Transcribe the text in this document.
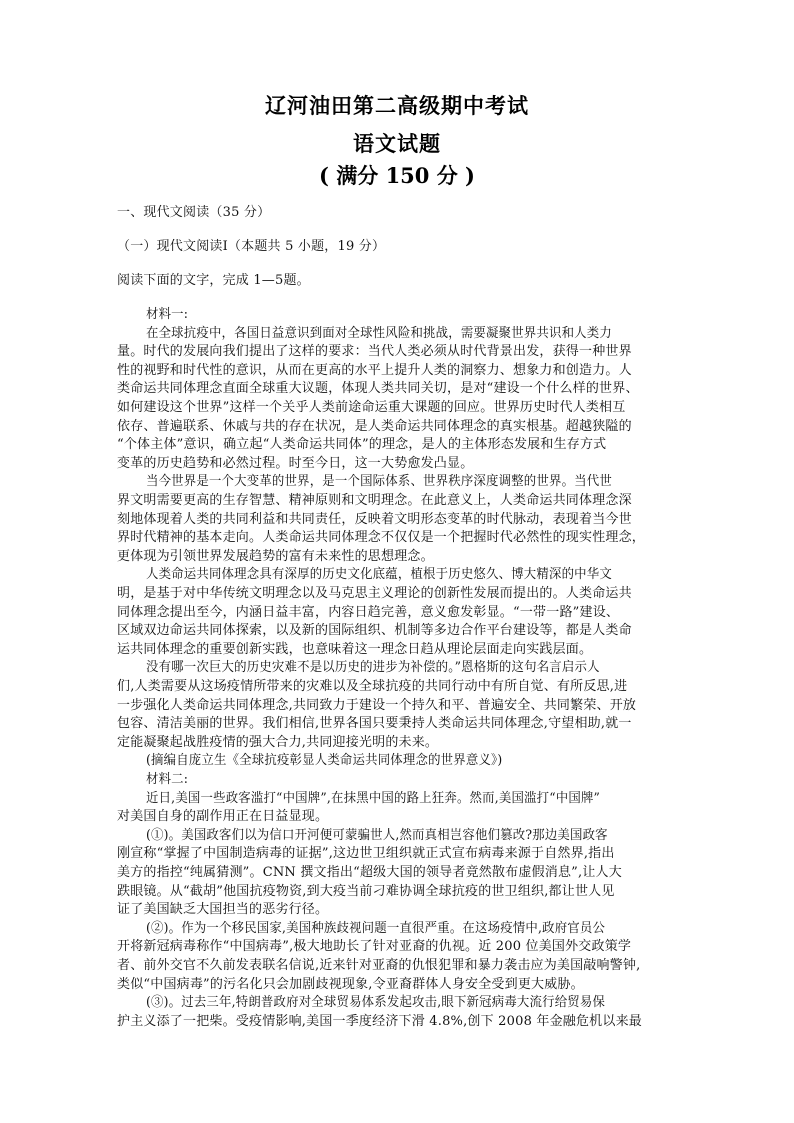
辽河油田第二高级期中考试
语文试题
( 满分 150 分 )
一、现代文阅读（35 分）
（一）现代文阅读Ⅰ（本题共 5 小题，19 分）
阅读下面的文字，完成 1—5题。
材料一:
在全球抗疫中，各国日益意识到面对全球性风险和挑战，需要凝聚世界共识和人类力
量。时代的发展向我们提出了这样的要求：当代人类必须从时代背景出发，获得一种世界
性的视野和时代性的意识，从而在更高的水平上提升人类的洞察力、想象力和创造力。人
类命运共同体理念直面全球重大议题，体现人类共同关切，是对“建设一个什么样的世界、
如何建设这个世界”这样一个关乎人类前途命运重大课题的回应。世界历史时代人类相互
依存、普遍联系、休戚与共的存在状况，是人类命运共同体理念的真实根基。超越狭隘的
“个体主体”意识，确立起“人类命运共同体”的理念，是人的主体形态发展和生存方式
变革的历史趋势和必然过程。时至今日，这一大势愈发凸显。
当今世界是一个大变革的世界，是一个国际体系、世界秩序深度调整的世界。当代世
界文明需要更高的生存智慧、精神原则和文明理念。在此意义上，人类命运共同体理念深
刻地体现着人类的共同利益和共同责任，反映着文明形态变革的时代脉动，表现着当今世
界时代精神的基本走向。人类命运共同体理念不仅仅是一个把握时代必然性的现实性理念，
更体现为引领世界发展趋势的富有未来性的思想理念。
人类命运共同体理念具有深厚的历史文化底蕴，植根于历史悠久、博大精深的中华文
明，是基于对中华传统文明理念以及马克思主义理论的创新性发展而提出的。人类命运共
同体理念提出至今，内涵日益丰富，内容日趋完善，意义愈发彰显。“一带一路”建设、
区域双边命运共同体探索，以及新的国际组织、机制等多边合作平台建设等，都是人类命
运共同体理念的重要创新实践，也意味着这一理念日趋从理论层面走向实践层面。
没有哪一次巨大的历史灾难不是以历史的进步为补偿的。”恩格斯的这句名言启示人
们,人类需要从这场疫情所带来的灾难以及全球抗疫的共同行动中有所自觉、有所反思,进
一步强化人类命运共同体理念,共同致力于建设一个持久和平、普遍安全、共同繁荣、开放
包容、清洁美丽的世界。我们相信,世界各国只要秉持人类命运共同体理念,守望相助,就一
定能凝聚起战胜疫情的强大合力,共同迎接光明的未来。
(摘编自庞立生《全球抗疫彰显人类命运共同体理念的世界意义》)
材料二:
近日,美国一些政客滥打“中国牌”,在抹黑中国的路上狂奔。然而,美国滥打“中国牌”
对美国自身的副作用正在日益显现。
(①)。美国政客们以为信口开河便可蒙骗世人,然而真相岂容他们篡改?那边美国政客
刚宣称“掌握了中国制造病毒的证据”,这边世卫组织就正式宣布病毒来源于自然界,指出
美方的指控“纯属猜测”。CNN 撰文指出“超级大国的领导者竟然散布虚假消息”,让人大
跌眼镜。从“截胡”他国抗疫物资,到大疫当前刁难协调全球抗疫的世卫组织,都让世人见
证了美国缺乏大国担当的恶劣行径。
(②)。作为一个移民国家,美国种族歧视问题一直很严重。在这场疫情中,政府官员公
开将新冠病毒称作“中国病毒”,极大地助长了针对亚裔的仇视。近 200 位美国外交政策学
者、前外交官不久前发表联名信说,近来针对亚裔的仇恨犯罪和暴力袭击应为美国敲响警钟,
类似“中国病毒”的污名化只会加剧歧视现象,令亚裔群体人身安全受到更大威胁。
(③)。过去三年,特朗普政府对全球贸易体系发起攻击,眼下新冠病毒大流行给贸易保
护主义添了一把柴。受疫情影响,美国一季度经济下滑 4.8%,创下 2008 年金融危机以来最
